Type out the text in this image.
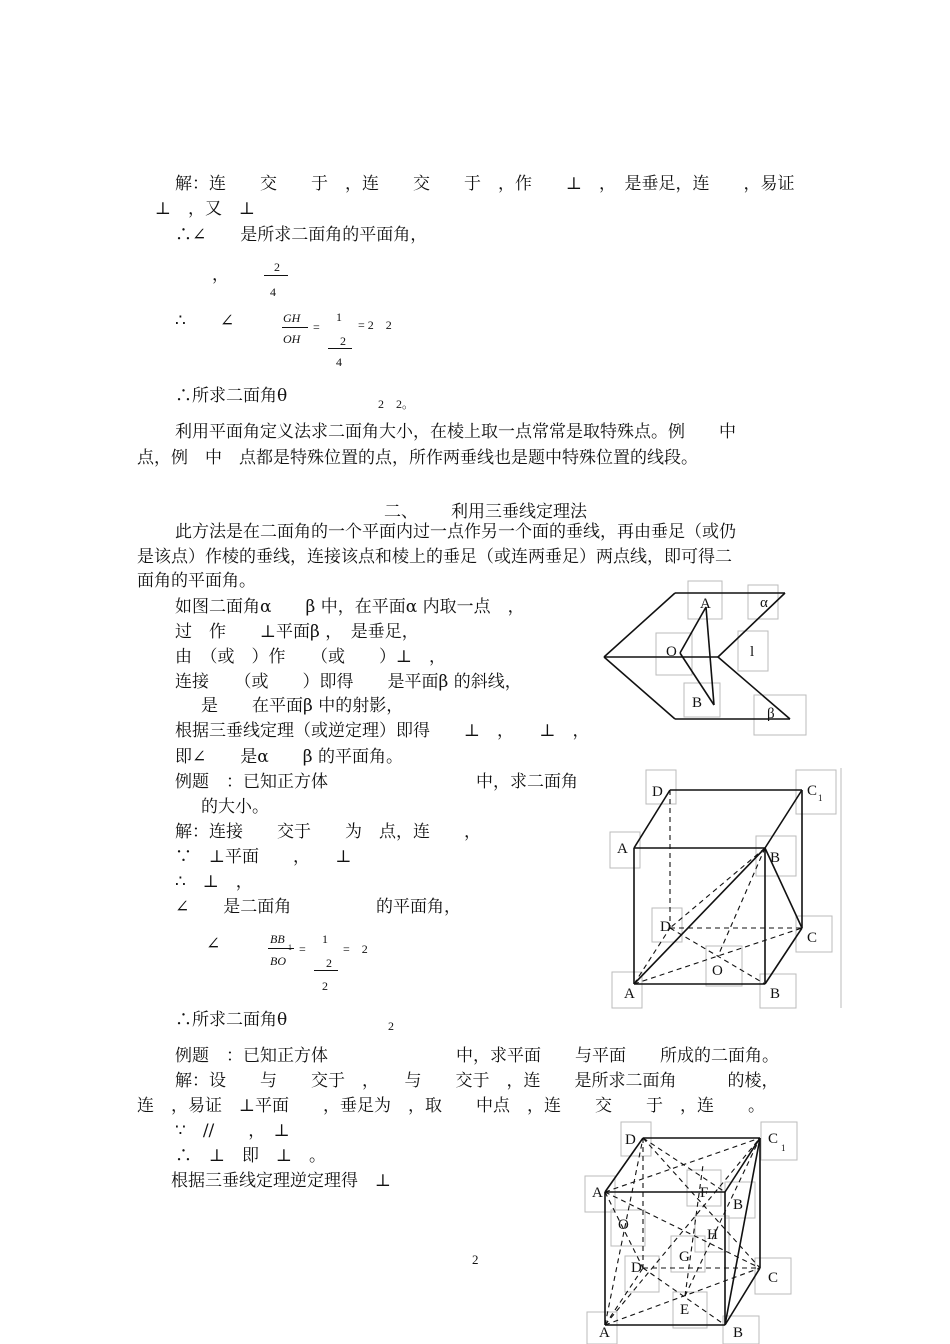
解：连　　交　　于　，连　　交　　于　，作　　⊥　，　是垂足，连　　，易证
⊥　，又　⊥
∴∠　　是所求二面角的平面角，
，	2
4
∴　　∠	GH
OH
=
1
2
4
= 2　2
∴所求二面角θ	2　2。
利用平面角定义法求二面角大小，在棱上取一点常常是取特殊点。例　　中
点，例　中　点都是特殊位置的点，所作两垂线也是题中特殊位置的线段。
二、 利用三垂线定理法
此方法是在二面角的一个平面内过一点作另一个面的垂线，再由垂足（或仍
是该点）作棱的垂线，连接该点和棱上的垂足（或连两垂足）两点线，即可得二
面角的平面角。
如图二面角α　　β 中，在平面α 内取一点　，
过　作　　⊥平面β ，　是垂足，
由　（或　）作　　（或　　）⊥　，
连接　　（或　　）即得　　是平面β 的斜线，
是　　在平面β 中的射影，
根据三垂线定理（或逆定理）即得　　⊥　，　　⊥　，
即∠　　是α　　β 的平面角。
例题　：已知正方体	中，求二面角
的大小。
解：连接　　交于　　为　点，连　　，
∵　⊥平面　　，　　⊥
∴　⊥　，
∠　　是二面角	的平面角，
∠	BB
1
BO
=
1
2
2
=　2
∴所求二面角θ	2
例题　：已知正方体	中，求平面　　与平面　　所成的二面角。
解：设　　与　　交于　，　　与　　交于　，连　　是所求二面角　　　的棱，
连　，易证　⊥平面　　，垂足为　，取　　中点　，连　　交　　于　，连　　。
∵　//　　，　⊥
∴　⊥　即　⊥　。
根据三垂线定理逆定理得　⊥
2
A	α
O	l
B
β
D	C 1
A
B
D
C
O
A	B
D	C
1
A	F
B
O
H
G
D
C
E
A	B
